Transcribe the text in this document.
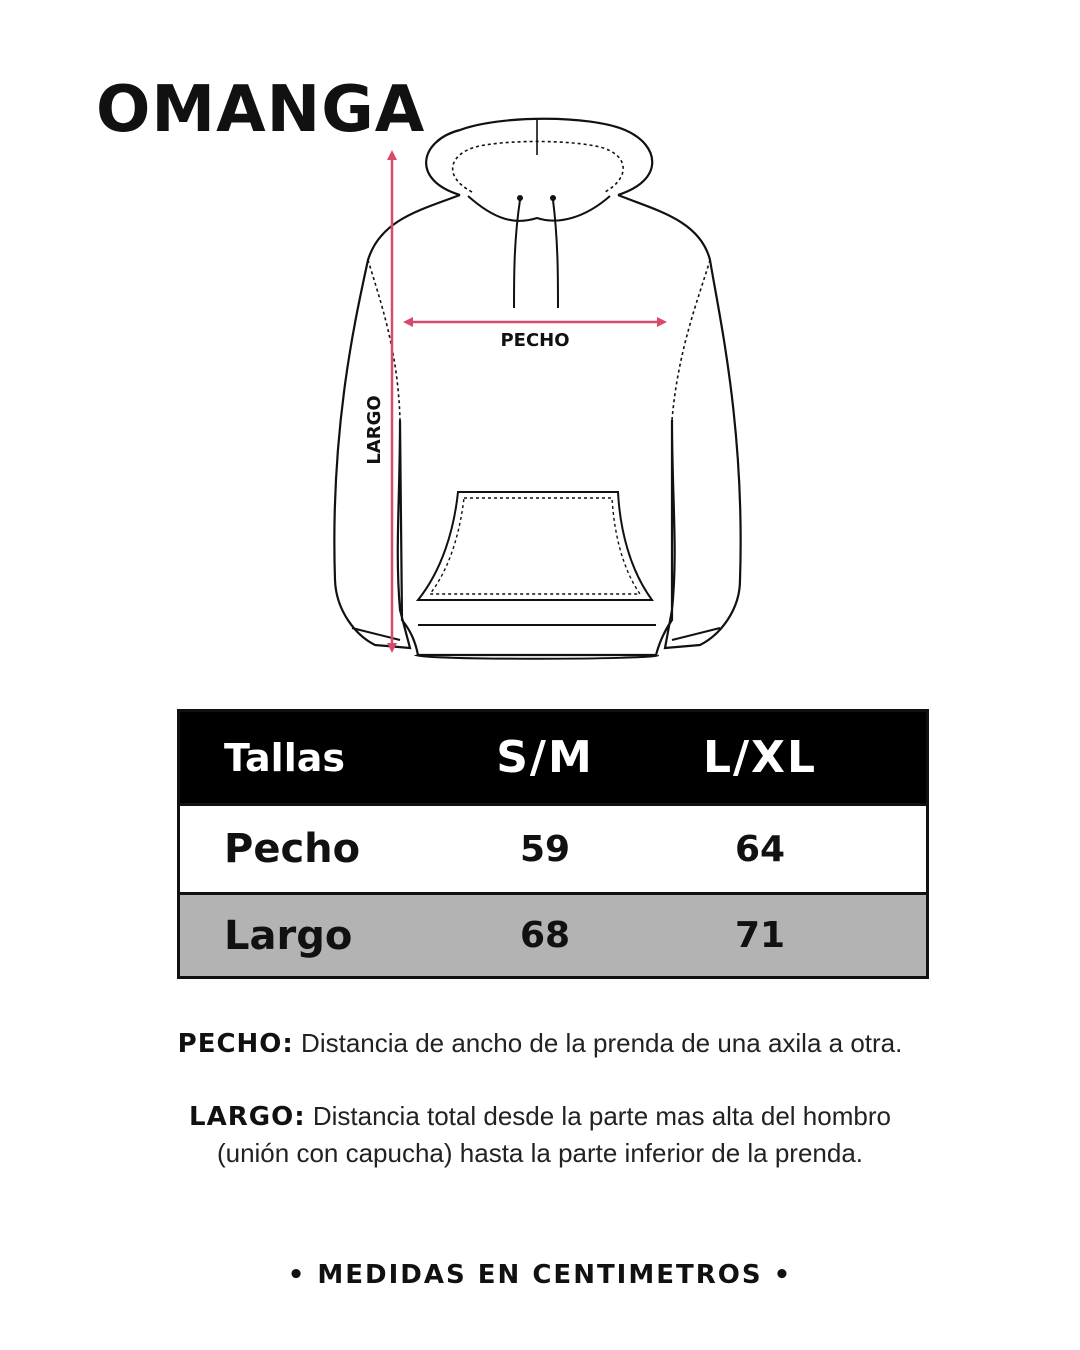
OMANGA
PECHO
LARGO
Tallas	S/M L/XL
Pecho	59	64
Largo	68	71
PECHO: Distancia de ancho de la prenda de una axila a otra.
LARGO: Distancia total desde la parte mas alta del hombro
(unión con capucha) hasta la parte inferior de la prenda.
• MEDIDAS EN CENTIMETROS •
